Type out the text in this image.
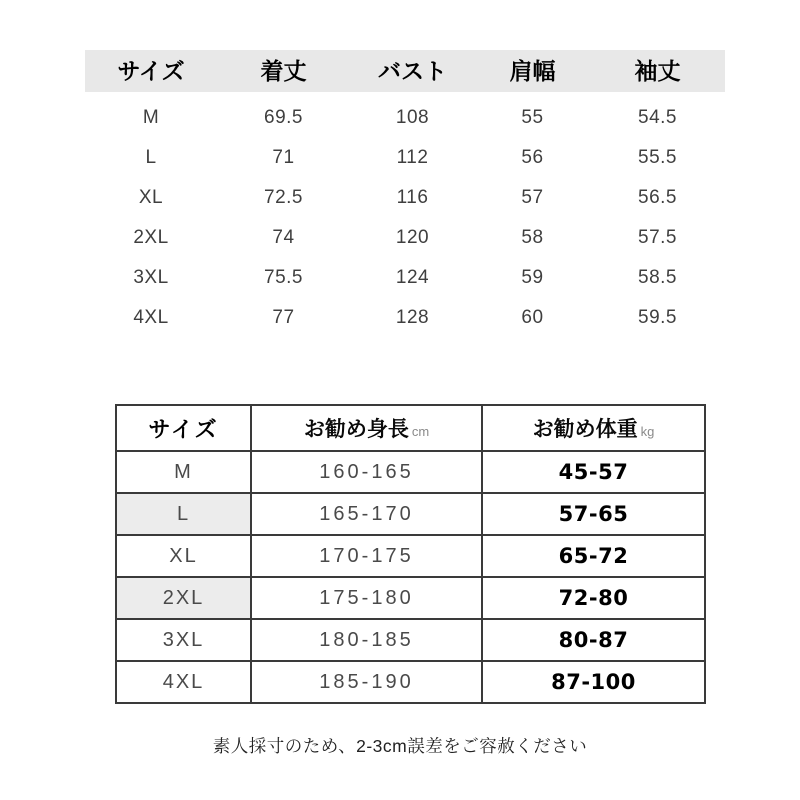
サイズ	着丈	バスト	肩幅	袖丈
M	69.5	108	55	54.5
L	71	112	56	55.5
XL	72.5	116	57	56.5
2XL	74	120	58	57.5
3XL	75.5	124	59	58.5
4XL	77	128	60	59.5
サイズ	お勧め身長 cm	お勧め体重 kg
M	160-165	45-57
L	165-170	57-65
XL	170-175	65-72
2XL	175-180	72-80
3XL	180-185	80-87
4XL	185-190	87-100
素人採寸のため、2-3cm誤差をご容赦ください
